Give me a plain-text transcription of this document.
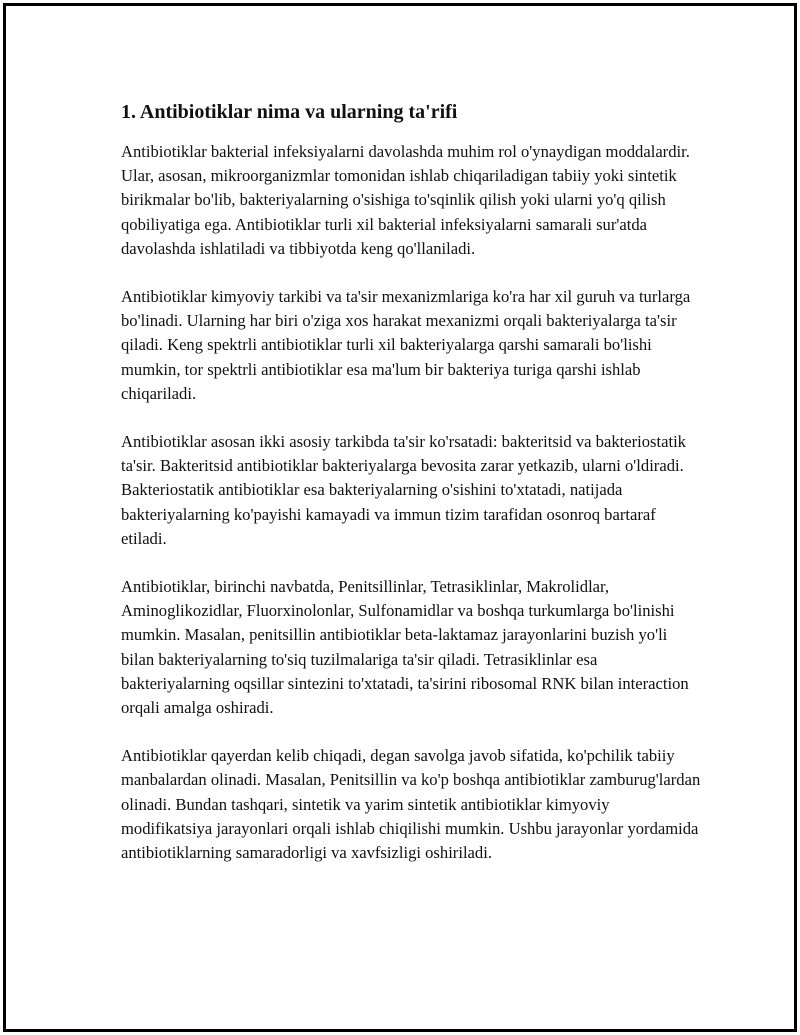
1. Antibiotiklar nima va ularning ta'rifi

Antibiotiklar bakterial infeksiyalarni davolashda muhim rol o'ynaydigan moddalardir. Ular, asosan, mikroorganizmlar tomonidan ishlab chiqariladigan tabiiy yoki sintetik birikmalar bo'lib, bakteriyalarning o'sishiga to'sqinlik qilish yoki ularni yo'q qilish qobiliyatiga ega. Antibiotiklar turli xil bakterial infeksiyalarni samarali sur'atda davolashda ishlatiladi va tibbiyotda keng qo'llaniladi.

Antibiotiklar kimyoviy tarkibi va ta'sir mexanizmlariga ko'ra har xil guruh va turlarga bo'linadi. Ularning har biri o'ziga xos harakat mexanizmi orqali bakteriyalarga ta'sir qiladi. Keng spektrli antibiotiklar turli xil bakteriyalarga qarshi samarali bo'lishi mumkin, tor spektrli antibiotiklar esa ma'lum bir bakteriya turiga qarshi ishlab chiqariladi.

Antibiotiklar asosan ikki asosiy tarkibda ta'sir ko'rsatadi: bakteritsid va bakteriostatik ta'sir. Bakteritsid antibiotiklar bakteriyalarga bevosita zarar yetkazib, ularni o'ldiradi. Bakteriostatik antibiotiklar esa bakteriyalarning o'sishini to'xtatadi, natijada bakteriyalarning ko'payishi kamayadi va immun tizim tarafidan osonroq bartaraf etiladi.

Antibiotiklar, birinchi navbatda, Penitsillinlar, Tetrasiklinlar, Makrolidlar, Aminoglikozidlar, Fluorxinolonlar, Sulfonamidlar va boshqa turkumlarga bo'linishi mumkin. Masalan, penitsillin antibiotiklar beta-laktamaz jarayonlarini buzish yo'li bilan bakteriyalarning to'siq tuzilmalariga ta'sir qiladi. Tetrasiklinlar esa bakteriyalarning oqsillar sintezini to'xtatadi, ta'sirini ribosomal RNK bilan interaction orqali amalga oshiradi.

Antibiotiklar qayerdan kelib chiqadi, degan savolga javob sifatida, ko'pchilik tabiiy manbalardan olinadi. Masalan, Penitsillin va ko'p boshqa antibiotiklar zamburug'lardan olinadi. Bundan tashqari, sintetik va yarim sintetik antibiotiklar kimyoviy modifikatsiya jarayonlari orqali ishlab chiqilishi mumkin. Ushbu jarayonlar yordamida antibiotiklarning samaradorligi va xavfsizligi oshiriladi.
